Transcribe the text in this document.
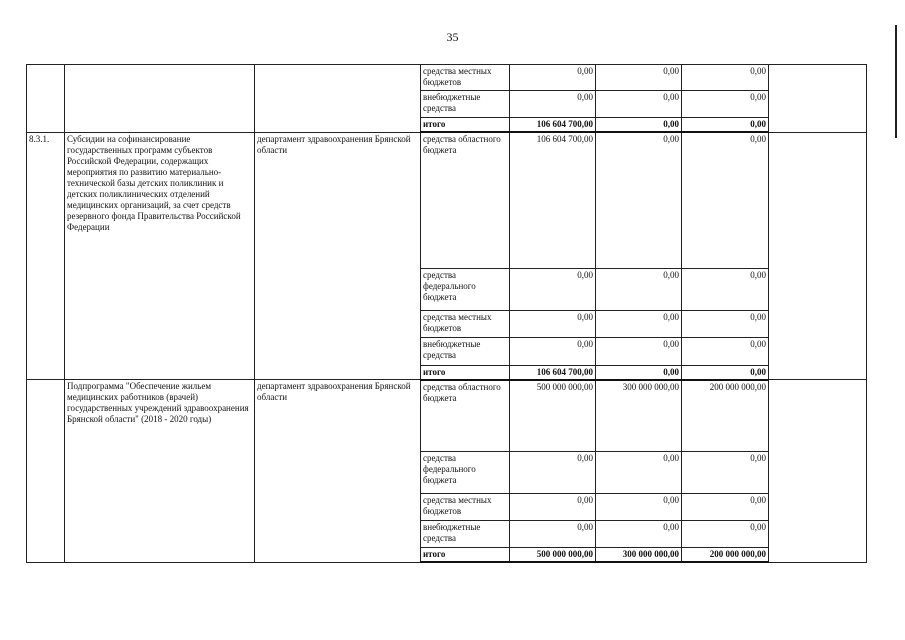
35
			средства местных бюджетов	0,00	0,00	0,00	
			внебюджетные средства	0,00	0,00	0,00	
			итого	106 604 700,00	0,00	0,00	
8.3.1.	Субсидии на софинансирование государственных программ субъектов Российской Федерации, содержащих мероприятия по развитию материально-технической базы детских поликлиник и детских поликлинических отделений медицинских организаций, за счет средств резервного фонда Правительства Российской Федерации	департамент здравоохранения Брянской области	средства областного бюджета	106 604 700,00	0,00	0,00	
			средства федерального бюджета	0,00	0,00	0,00	
			средства местных бюджетов	0,00	0,00	0,00	
			внебюджетные средства	0,00	0,00	0,00	
			итого	106 604 700,00	0,00	0,00	
	Подпрограмма "Обеспечение жильем медицинских работников (врачей) государственных учреждений здравоохранения Брянской области" (2018 - 2020 годы)	департамент здравоохранения Брянской области	средства областного бюджета	500 000 000,00	300 000 000,00	200 000 000,00	
			средства федерального бюджета	0,00	0,00	0,00	
			средства местных бюджетов	0,00	0,00	0,00	
			внебюджетные средства	0,00	0,00	0,00	
			итого	500 000 000,00	300 000 000,00	200 000 000,00	
